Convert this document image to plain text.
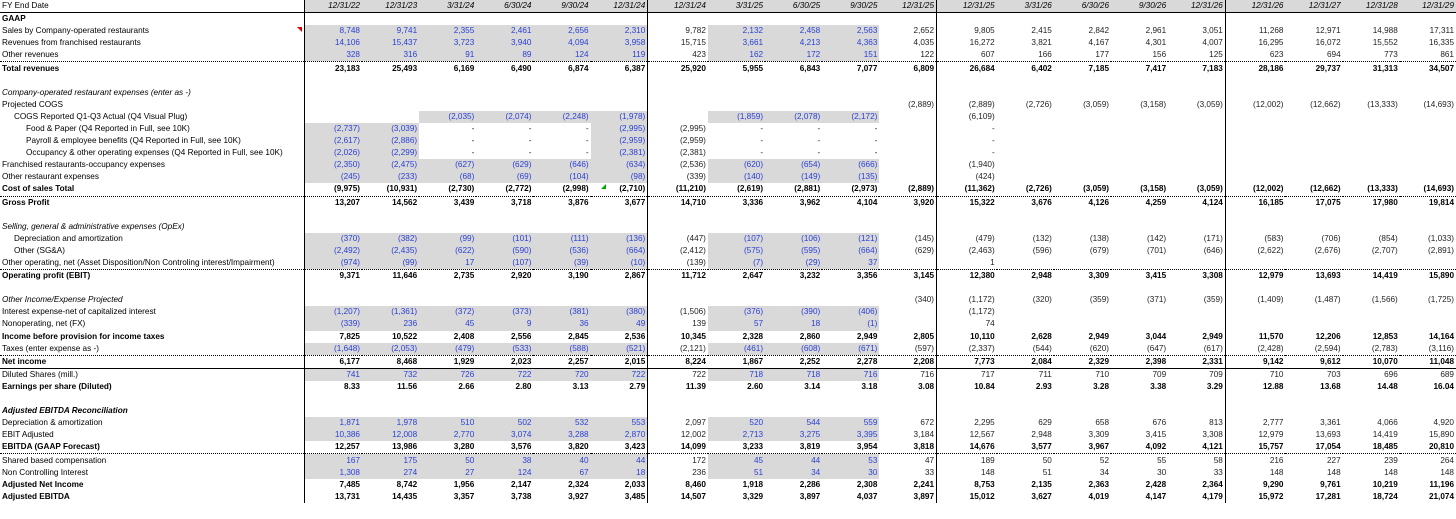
FY End Date	12/31/22	12/31/23	3/31/24	6/30/24	9/30/24	12/31/24	12/31/24	3/31/25	6/30/25	9/30/25	12/31/25	12/31/25	3/31/26	6/30/26	9/30/26	12/31/26	12/31/26	12/31/27	12/31/28	12/31/29
GAAP																				
Sales by Company-operated restaurants	8,748	9,741	2,355	2,461	2,656	2,310	9,782	2,132	2,458	2,563	2,652	9,805	2,415	2,842	2,961	3,051	11,268	12,971	14,988	17,311
Revenues from franchised restaurants	14,106	15,437	3,723	3,940	4,094	3,958	15,715	3,661	4,213	4,363	4,035	16,272	3,821	4,167	4,301	4,007	16,295	16,072	15,552	16,335
Other revenues	328	316	91	89	124	119	423	162	172	151	122	607	166	177	156	125	623	694	773	861
Total revenues	23,183	25,493	6,169	6,490	6,874	6,387	25,920	5,955	6,843	7,077	6,809	26,684	6,402	7,185	7,417	7,183	28,186	29,737	31,313	34,507

Company-operated restaurant expenses (enter as -)																				
Projected COGS											(2,889)	(2,889)	(2,726)	(3,059)	(3,158)	(3,059)	(12,002)	(12,662)	(13,333)	(14,693)
COGS Reported Q1-Q3 Actual (Q4 Visual Plug)			(2,035)	(2,074)	(2,248)	(1,978)		(1,859)	(2,078)	(2,172)		(6,109)								
Food & Paper (Q4 Reported in Full, see 10K)	(2,737)	(3,039)	-	-	-	(2,995)	(2,995)	-	-	-		-								
Payroll & employee benefits (Q4 Reported in Full, see 10K)	(2,617)	(2,886)	-	-	-	(2,959)	(2,959)	-	-	-		-								
Occupancy & other operating expenses (Q4 Reported in Full, see 10K)	(2,026)	(2,299)	-	-	-	(2,381)	(2,381)	-	-	-		-								
Franchised restaurants-occupancy expenses	(2,350)	(2,475)	(627)	(629)	(646)	(634)	(2,536)	(620)	(654)	(666)		(1,940)								
Other restaurant expenses	(245)	(233)	(68)	(69)	(104)	(98)	(339)	(140)	(149)	(135)		(424)								
Cost of sales Total	(9,975)	(10,931)	(2,730)	(2,772)	(2,998)	(2,710)	(11,210)	(2,619)	(2,881)	(2,973)	(2,889)	(11,362)	(2,726)	(3,059)	(3,158)	(3,059)	(12,002)	(12,662)	(13,333)	(14,693)
Gross Profit	13,207	14,562	3,439	3,718	3,876	3,677	14,710	3,336	3,962	4,104	3,920	15,322	3,676	4,126	4,259	4,124	16,185	17,075	17,980	19,814

Selling, general & administrative expenses (OpEx)																				
Depreciation and amortization	(370)	(382)	(99)	(101)	(111)	(136)	(447)	(107)	(106)	(121)	(145)	(479)	(132)	(138)	(142)	(171)	(583)	(706)	(854)	(1,033)
Other (SG&A)	(2,492)	(2,435)	(622)	(590)	(536)	(664)	(2,412)	(575)	(595)	(664)	(629)	(2,463)	(596)	(679)	(701)	(646)	(2,622)	(2,676)	(2,707)	(2,891)
Other operating, net (Asset Disposition/Non Controling interest/Impairment)	(974)	(99)	17	(107)	(39)	(10)	(139)	(7)	(29)	37		1								
Operating profit (EBIT)	9,371	11,646	2,735	2,920	3,190	2,867	11,712	2,647	3,232	3,356	3,145	12,380	2,948	3,309	3,415	3,308	12,979	13,693	14,419	15,890

Other Income/Expense Projected											(340)	(1,172)	(320)	(359)	(371)	(359)	(1,409)	(1,487)	(1,566)	(1,725)
Interest expense-net of capitalized interest	(1,207)	(1,361)	(372)	(373)	(381)	(380)	(1,506)	(376)	(390)	(406)		(1,172)								
Nonoperating, net (FX)	(339)	236	45	9	36	49	139	57	18	(1)		74								
Income before provision for income taxes	7,825	10,522	2,408	2,556	2,845	2,536	10,345	2,328	2,860	2,949	2,805	10,110	2,628	2,949	3,044	2,949	11,570	12,206	12,853	14,164
Taxes (enter expense as -)	(1,648)	(2,053)	(479)	(533)	(588)	(521)	(2,121)	(461)	(608)	(671)	(597)	(2,337)	(544)	(620)	(647)	(617)	(2,428)	(2,594)	(2,783)	(3,116)
Net income	6,177	8,468	1,929	2,023	2,257	2,015	8,224	1,867	2,252	2,278	2,208	7,773	2,084	2,329	2,398	2,331	9,142	9,612	10,070	11,048
Diluted Shares (mill.)	741	732	726	722	720	722	722	718	718	716	716	717	711	710	709	709	710	703	696	689
Earnings per share (Diluted)	8.33	11.56	2.66	2.80	3.13	2.79	11.39	2.60	3.14	3.18	3.08	10.84	2.93	3.28	3.38	3.29	12.88	13.68	14.48	16.04

Adjusted EBITDA Reconciliation																				
Depreciation & amortization	1,871	1,978	510	502	532	553	2,097	520	544	559	672	2,295	629	658	676	813	2,777	3,361	4,066	4,920
EBIT Adjusted	10,386	12,008	2,770	3,074	3,288	2,870	12,002	2,713	3,275	3,395	3,184	12,567	2,948	3,309	3,415	3,308	12,979	13,693	14,419	15,890
EBITDA (GAAP Forecast)	12,257	13,986	3,280	3,576	3,820	3,423	14,099	3,233	3,819	3,954	3,818	14,676	3,577	3,967	4,092	4,121	15,757	17,054	18,485	20,810
Shared based compensation	167	175	50	38	40	44	172	45	44	53	47	189	50	52	55	58	216	227	239	264
Non Controlling Interest	1,308	274	27	124	67	18	236	51	34	30	33	148	51	34	30	33	148	148	148	148
Adjusted Net Income	7,485	8,742	1,956	2,147	2,324	2,033	8,460	1,918	2,286	2,308	2,241	8,753	2,135	2,363	2,428	2,364	9,290	9,761	10,219	11,196
Adjusted EBITDA	13,731	14,435	3,357	3,738	3,927	3,485	14,507	3,329	3,897	4,037	3,897	15,012	3,627	4,019	4,147	4,179	15,972	17,281	18,724	21,074
